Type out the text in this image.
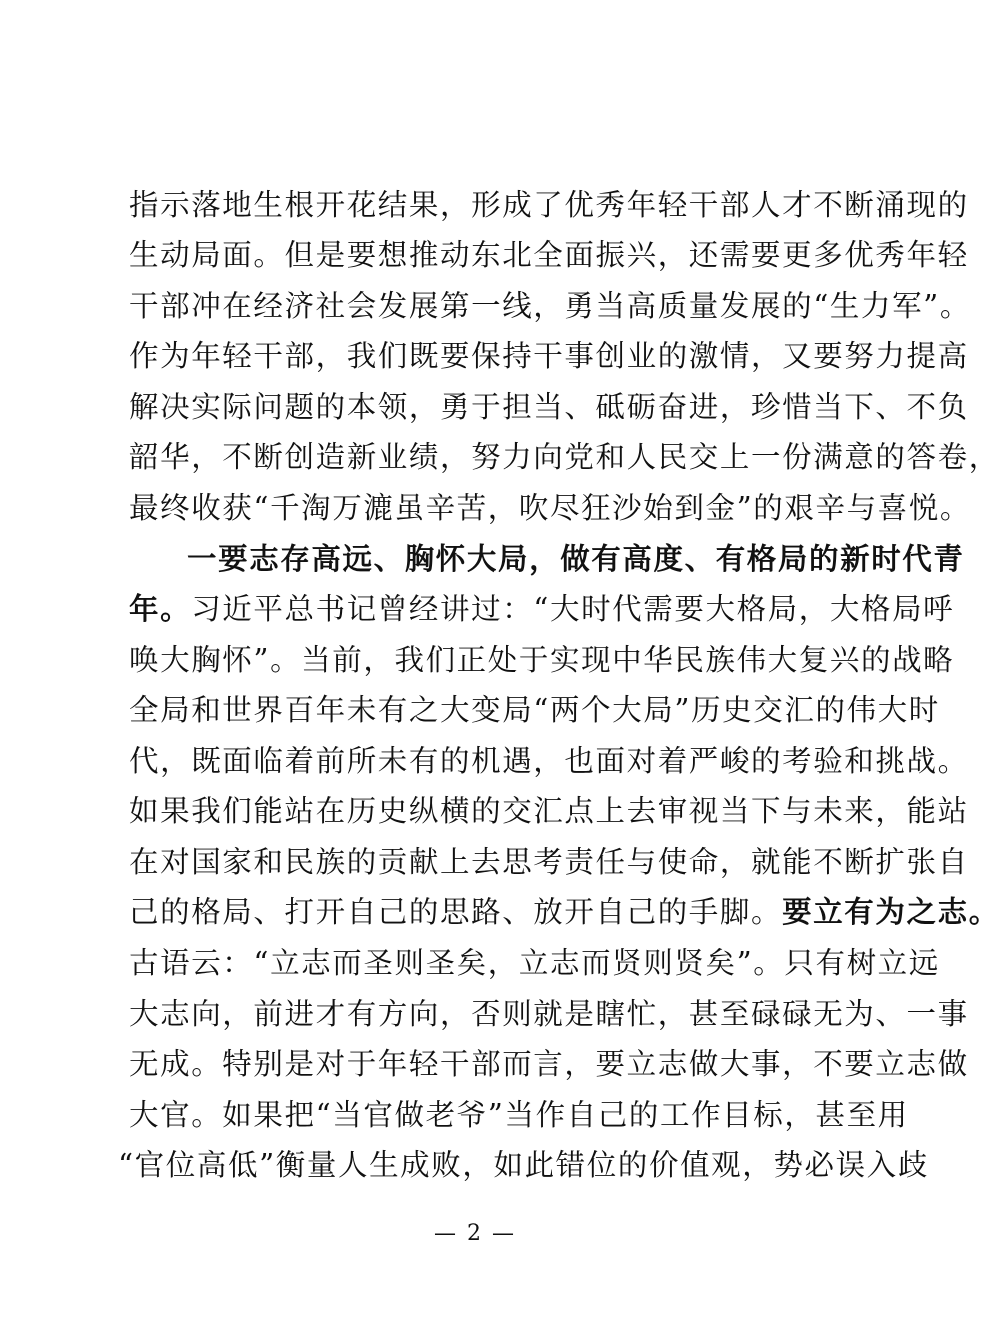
指示落地生根开花结果，形成了优秀年轻干部人才不断涌现的
生动局面。但是要想推动东北全面振兴，还需要更多优秀年轻
干部冲在经济社会发展第一线，勇当高质量发展的“生力军”。
作为年轻干部，我们既要保持干事创业的激情，又要努力提高
解决实际问题的本领，勇于担当、砥砺奋进，珍惜当下、不负
韶华，不断创造新业绩，努力向党和人民交上一份满意的答卷，
最终收获“千淘万漉虽辛苦，吹尽狂沙始到金”的艰辛与喜悦。
一要志存高远、胸怀大局，做有高度、有格局的新时代青
年。习近平总书记曾经讲过：“大时代需要大格局，大格局呼
唤大胸怀”。当前，我们正处于实现中华民族伟大复兴的战略
全局和世界百年未有之大变局“两个大局”历史交汇的伟大时
代，既面临着前所未有的机遇，也面对着严峻的考验和挑战。
如果我们能站在历史纵横的交汇点上去审视当下与未来，能站
在对国家和民族的贡献上去思考责任与使命，就能不断扩张自
己的格局、打开自己的思路、放开自己的手脚。要立有为之志。
古语云：“立志而圣则圣矣，立志而贤则贤矣”。只有树立远
大志向，前进才有方向，否则就是瞎忙，甚至碌碌无为、一事
无成。特别是对于年轻干部而言，要立志做大事，不要立志做
大官。如果把“当官做老爷”当作自己的工作目标，甚至用
“官位高低”衡量人生成败，如此错位的价值观，势必误入歧
— 2 —
